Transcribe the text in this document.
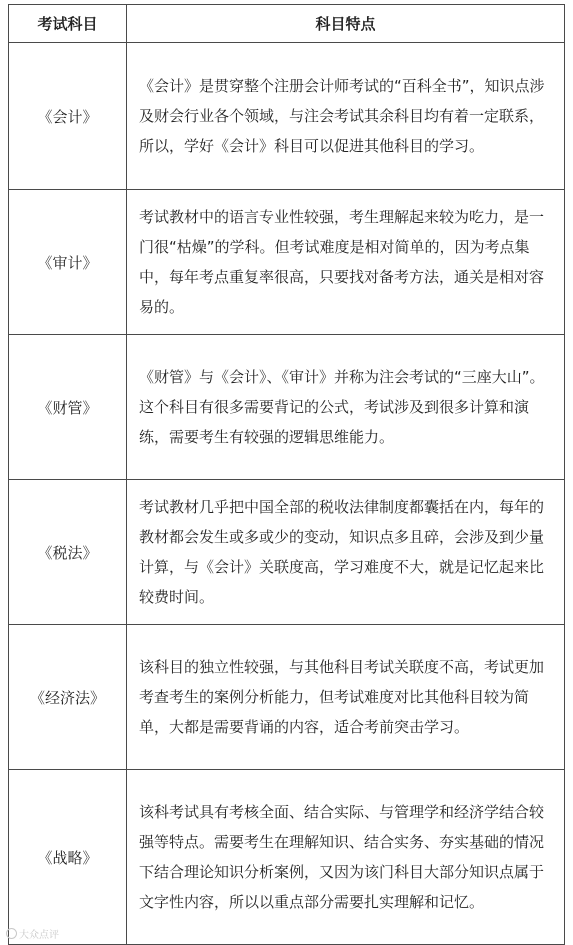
考试科目	科目特点
《会计》	《会计》是贯穿整个注册会计师考试的“百科全书”，知识点涉及财会行业各个领域，与注会考试其余科目均有着一定联系，所以，学好《会计》科目可以促进其他科目的学习。
《审计》	考试教材中的语言专业性较强，考生理解起来较为吃力，是一门很“枯燥”的学科。但考试难度是相对简单的，因为考点集中，每年考点重复率很高，只要找对备考方法，通关是相对容易的。
《财管》	《财管》与《会计》、《审计》并称为注会考试的“三座大山”。这个科目有很多需要背记的公式，考试涉及到很多计算和演练，需要考生有较强的逻辑思维能力。
《税法》	考试教材几乎把中国全部的税收法律制度都囊括在内，每年的教材都会发生或多或少的变动，知识点多且碎，会涉及到少量计算，与《会计》关联度高，学习难度不大，就是记忆起来比较费时间。
《经济法》	该科目的独立性较强，与其他科目考试关联度不高，考试更加考查考生的案例分析能力，但考试难度对比其他科目较为简单，大都是需要背诵的内容，适合考前突击学习。
《战略》	该科考试具有考核全面、结合实际、与管理学和经济学结合较强等特点。需要考生在理解知识、结合实务、夯实基础的情况下结合理论知识分析案例，又因为该门科目大部分知识点属于文字性内容，所以以重点部分需要扎实理解和记忆。
大众点评
